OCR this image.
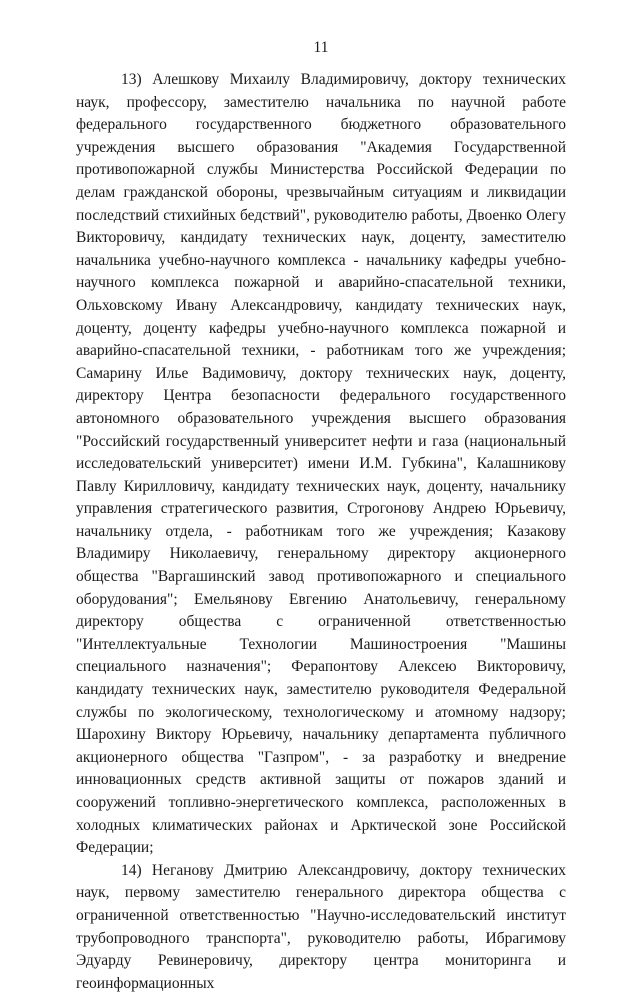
11

13) Алешкову Михаилу Владимировичу, доктору технических наук, профессору, заместителю начальника по научной работе федерального государственного бюджетного образовательного учреждения высшего образования "Академия Государственной противопожарной службы Министерства Российской Федерации по делам гражданской обороны, чрезвычайным ситуациям и ликвидации последствий стихийных бедствий", руководителю работы, Двоенко Олегу Викторовичу, кандидату технических наук, доценту, заместителю начальника учебно-научного комплекса - начальнику кафедры учебно-научного комплекса пожарной и аварийно-спасательной техники, Ольховскому Ивану Александровичу, кандидату технических наук, доценту, доценту кафедры учебно-научного комплекса пожарной и аварийно-спасательной техники, - работникам того же учреждения; Самарину Илье Вадимовичу, доктору технических наук, доценту, директору Центра безопасности федерального государственного автономного образовательного учреждения высшего образования "Российский государственный университет нефти и газа (национальный исследовательский университет) имени И.М. Губкина", Калашникову Павлу Кирилловичу, кандидату технических наук, доценту, начальнику управления стратегического развития, Строгонову Андрею Юрьевичу, начальнику отдела, - работникам того же учреждения; Казакову Владимиру Николаевичу, генеральному директору акционерного общества "Варгашинский завод противопожарного и специального оборудования"; Емельянову Евгению Анатольевичу, генеральному директору общества с ограниченной ответственностью "Интеллектуальные Технологии Машиностроения "Машины специального назначения"; Ферапонтову Алексею Викторовичу, кандидату технических наук, заместителю руководителя Федеральной службы по экологическому, технологическому и атомному надзору; Шарохину Виктору Юрьевичу, начальнику департамента публичного акционерного общества "Газпром", - за разработку и внедрение инновационных средств активной защиты от пожаров зданий и сооружений топливно-энергетического комплекса, расположенных в холодных климатических районах и Арктической зоне Российской Федерации;

14) Неганову Дмитрию Александровичу, доктору технических наук, первому заместителю генерального директора общества с ограниченной ответственностью "Научно-исследовательский институт трубопроводного транспорта", руководителю работы, Ибрагимову Эдуарду Ревинеровичу, директору центра мониторинга и геоинформационных
